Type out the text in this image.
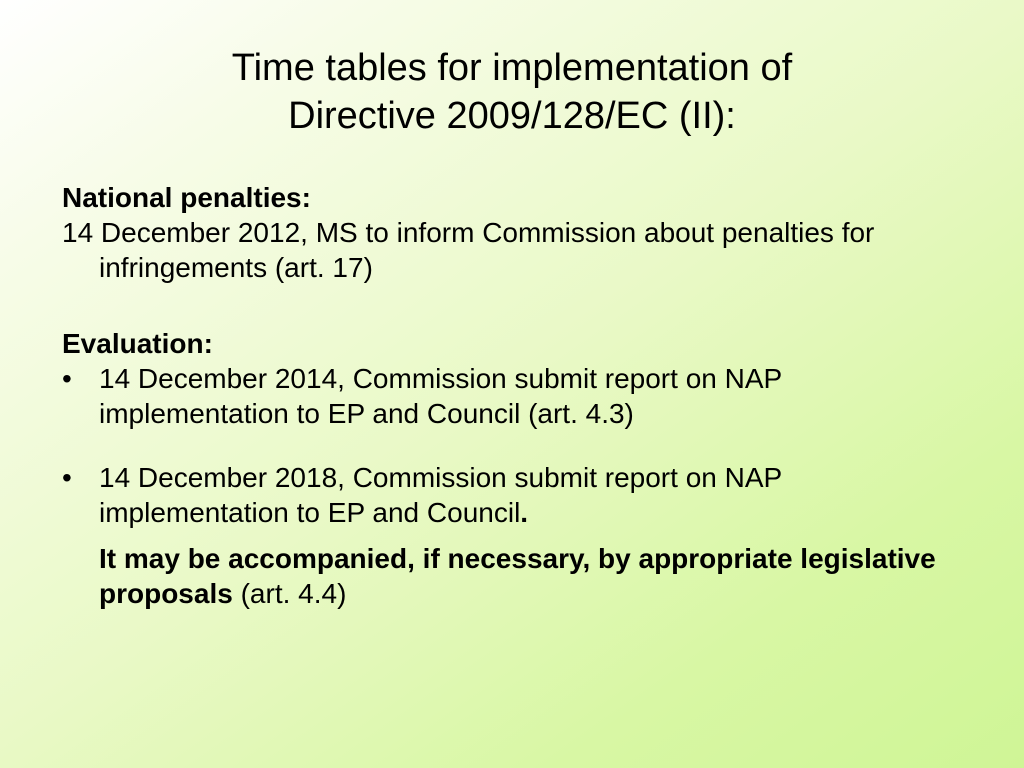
Time tables for implementation of
Directive 2009/128/EC (II):
National penalties:
14 December 2012, MS to inform Commission about penalties for infringements (art. 17)
Evaluation:
• 14 December 2014, Commission submit report on NAP implementation to EP and Council (art. 4.3)
• 14 December 2018, Commission submit report on NAP implementation to EP and Council.
It may be accompanied, if necessary, by appropriate legislative proposals (art. 4.4)
